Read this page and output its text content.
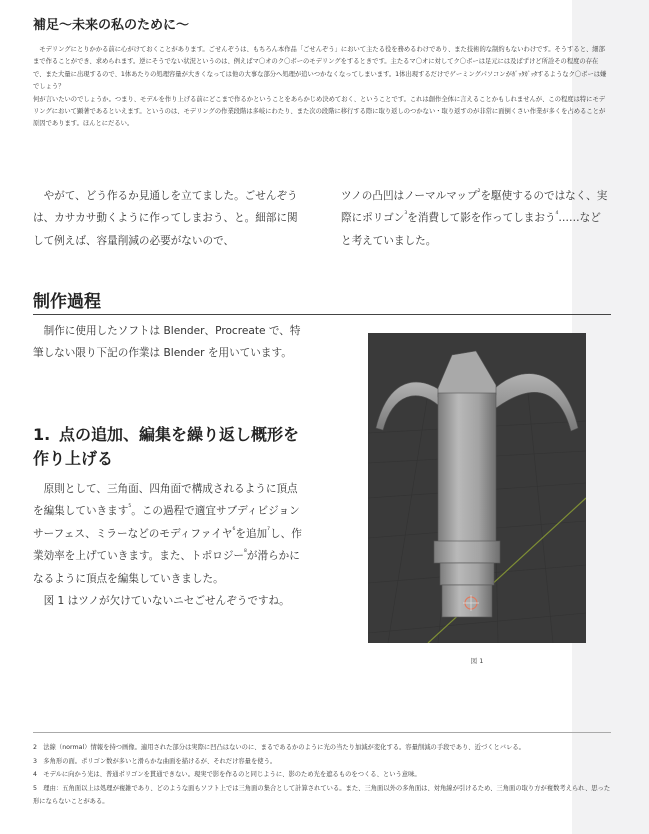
補足〜未来の私のために〜

モデリングにとりかかる前に心がけておくことがあります。ごせんぞうは、もちろん本作品「ごせんぞう」において主たる役を務めるわけであり、また技術的な制約もないわけです。そうすると、細部まで作ることができ、求められます。逆にそうでない状況というのは、例えばマ〇オのク〇ボーのモデリングをするときです。主たるマ〇オに対してク〇ボーは足元には及ばずけど所詮その程度の存在で、また大量に出現するので、1体あたりの処理容量が大きくなっては他の大事な部分へ処理が追いつかなくなってしまいます。1体出現するだけでゲーミングパソコンがｶﾞｯﾀｶﾞｯﾀするようなク〇ボーは嫌でしょう？

何が言いたいのでしょうか。つまり、モデルを作り上げる前にどこまで作るかということをあらかじめ決めておく、ということです。これは創作全体に言えることかもしれませんが、この程度は特にモデリングにおいて顕著であるといえます。というのは、モデリングの作業段階は多岐にわたり、また次の段階に移行する際に取り返しのつかない・取り返すのが非常に面倒くさい作業が多くを占めることが原因であります。ほんとにだるい。

やがて、どう作るか見通しを立てました。ごせんぞうは、カサカサ動くように作ってしまおう、と。細部に関して例えば、容量削減の必要がないので、

ツノの凸凹はノーマルマップ$^2$を駆使するのではなく、実際にポリゴン$^3$を消費して影を作ってしまおう$^4$……などと考えていました。

制作過程

制作に使用したソフトは Blender、Procreate で、特筆しない限り下記の作業は Blender を用いています。

1. 点の追加、編集を繰り返し概形を作り上げる

原則として、三角面、四角面で構成されるように頂点を編集していきます$^5$。この過程で適宜サブディビジョンサーフェス、ミラーなどのモディファイヤ$^6$を追加$^7$し、作業効率を上げていきます。また、トポロジー$^8$が滑らかになるように頂点を編集していきました。

図 1 はツノが欠けていないニセごせんぞうですね。

図 1

2　法線（normal）情報を持つ画像。適用された部分は実際に凹凸はないのに、まるであるかのように光の当たり加減が変化する。容量削減の手段であり、近づくとバレる。

3　多角形の面。ポリゴン数が多いと滑らかな曲面を描けるが、それだけ容量を使う。

4　モデルに向かう光は、普通ポリゴンを貫通できない。現実で影を作るのと同じように、影のため光を遮るものをつくる、という意味。

5　理由：五角面以上は処理が複雑であり、どのような面もソフト上では三角面の集合として計算されている。また、三角面以外の多角面は、対角線が引けるため、三角面の取り方が複数考えられ、思った形にならないことがある。
